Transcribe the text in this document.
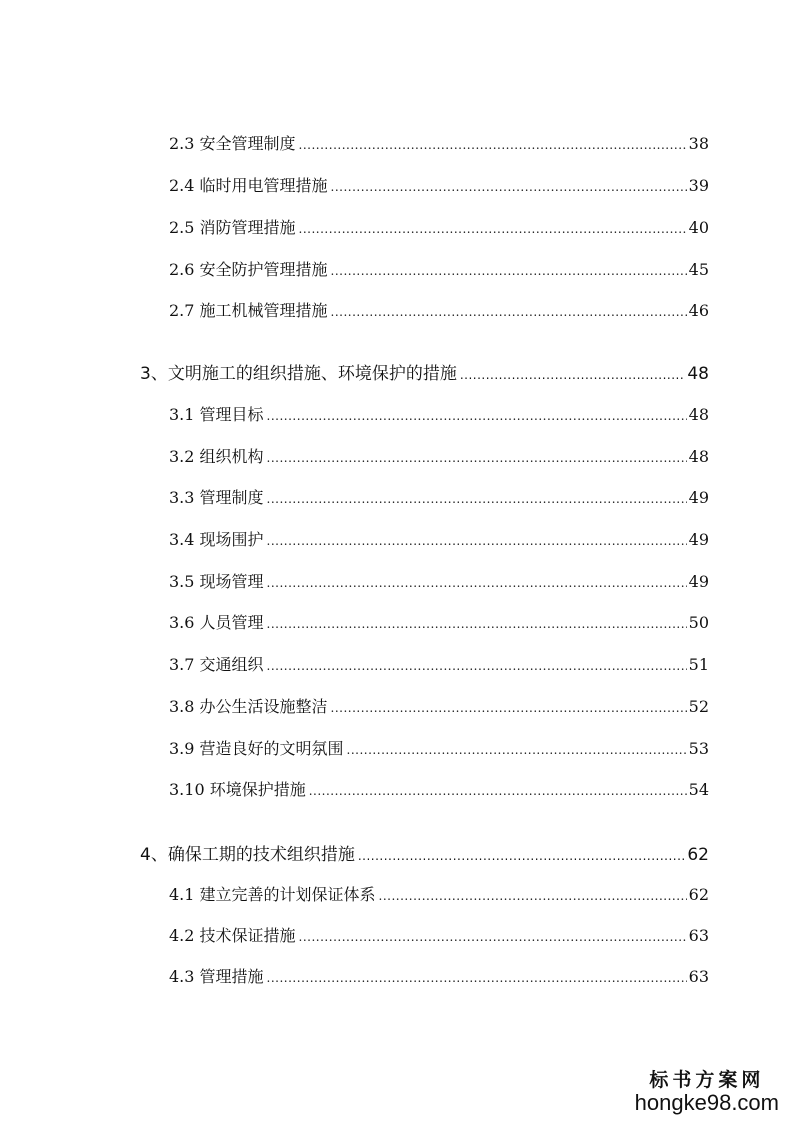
2.3 安全管理制度 .....	38
2.4 临时用电管理措施 .....	39
2.5 消防管理措施 .....	40
2.6 安全防护管理措施 .....	45
2.7 施工机械管理措施 .....	46
3、文明施工的组织措施、环境保护的措施 .....	48
3.1 管理目标 .....	48
3.2 组织机构 .....	48
3.3 管理制度 .....	49
3.4 现场围护 .....	49
3.5 现场管理 .....	49
3.6 人员管理 .....	50
3.7 交通组织 .....	51
3.8 办公生活设施整洁 .....	52
3.9 营造良好的文明氛围 .....	53
3.10 环境保护措施 .....	54
4、确保工期的技术组织措施 .....	62
4.1 建立完善的计划保证体系 .....	62
4.2 技术保证措施 .....	63
4.3 管理措施 .....	63
标书方案网
hongke98.com
